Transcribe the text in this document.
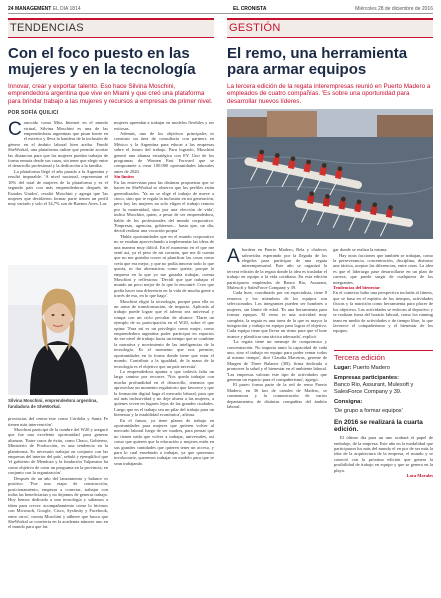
24 MANAGEMENT EL DIA 1814	EL CRONISTA	Miércoles 28 de diciembre de 2016
TENDENCIAS
Con el foco puesto en las mujeres y en la tecnología
Innovar, crear y exportar talento. Eso hace Silvina Moschini, emprendedora argentina que vive en Miami y que creó una plataforma para brindar trabajo a las mujeres y recursos a empresas de primer nivel.
POR SOFÍA QUILICI
Conocido como Miss Internet en el mundo virtual, Silvina Moschini es una de las emprendedoras argentinas que pisan fuerte en el exterior y lleva la bandera de la inclusión de género en el ámbito laboral bien arriba. Fundó SheWorkal, una plataforma online que permite acortar las distancias para que las mujeres puedan trabajar de forma remota desde sus casas, sin tener que elegir entre el desarrollo profesional y la dedicación a la familia.
La plataforma llegó el año pasado a la Argentina y resultó imparable. 'A nivel nacional, representan el 10% del total de mujeres de la plataforma y es el segundo país con más emprendedoras después de Estados Unidos', resaltó Moschini y agrega que 'las mujeres que decidieron formar parte tienen un perfil muy variado y solo el 34,7% son de Buenos Aires. Las
Silvina Moschini, emprendedora argentina, fundadora de SheWorkal.
provincias del centro-este como Córdoba y Santa Fe tienen más intervención'.
Moschini participó de la cumbre del W20 y aseguró que fue una excelente oportunidad para generar alianzas. 'Entre casos de éxito, como Chaco, Gobierno, Ministerio de Producción, es una tendencia en la plataforma. Es necesario trabajar en conjunto con las empresas del interior del país', señaló y ejemplificó que 'el gobierno de Mendoza y la fundación Valparaiso ha como objetivo de crear un programa en la provincia, en conjunto con la organización'.
Después de un año del lanzamiento y balance es positivo. 'Fue una etapa de construcción, posicionamiento, empezar a conectar, trabajar con todas las beneficiarias y no dejamos de generar trabajo. Hoy hemos dedicado a una tecnología y saltamos a ideas para crecer: acompañamiento como lo hicimos con Microsoft, Google, Cisco, Sysfinity y Facebook, entre otros', cuenta Moschini y adhiere que busca que SheWorkal se convierta en la academia número uno en el mundo para que las
mujeres aprendan a trabajar en modelos flexibles y ser exitosas.
Además, uno de los objetivos principales es construir un área de consultoría con partners en México y la Argentina para educar a las empresas sobre el futuro del trabajo. Para lograrlo, Moschini generó una alianza estratégica con EY. Uno de los programas de Women Fast Forward que se compromete a crear 100.000 oportunidades laborales antes de 2020.
Sin límites
En las entrevistas para las distintas propuestas que se hacen en SheWorkal se observa que los perfiles están generalizados. 'Ya no se elige el trabajo de nueve a cinco, sino que te regala la inclusión en mi generación, pero hoy las mujeres no solo eligen el trabajo remoto por la maternidad, sino por una elección de vida', indica Moschini, quien, a pesar de ser emprendedora, habla de los profesionales del mundo corporativo. 'Empresas, agencias, gobiernos... hasta que, un día, decidí realizar una vocación propia.'
'Habla oportunidades que en el mundo corporativo no se estaban aprovechando a implementar las ideas de una manera muy difícil. En el momento en el que me sentí así, ya el peso de mi corazón, que me di cuenta que no me gustaba correr ni planificar las cosas como creía que era mejor, y que no podía innovar todo lo que quería, ni dar alternativas como quería, porque la empresa en la que yo me gustaba trabajar, cuenta Moschini y reflexiona: 'Decidí que que trabajar el mundo un poco mejor de lo que lo encontré. Creo que podía hacer una diferencia en la vida de mucha gente a través de eso, en lo que hago'.
Moschini eligió la tecnología, porque para ella es un arma de transformación, de impacto. Aplicada al trabajo puede lograr que el talento sea universal y rompa con un ciclo peculiar de alcance. 'Darte un ejemplo de su participación en el W20, sobre el que opina: 'Para mí es un privilegio como mujer, como emprendedora argentina poder participar en espacios de ese nivel de trabajo hacia un tiempo que se combine la narrativa y movimiento de las inteligencias de la tecnología. Es el momento que nos permite, oportunidades en la forma donde tiene que estar el mundo. Contribuir a la igualdad, de la mano de la tecnología es el objetivo que un país necesita'.
La emprendedora apunta a que todavía falta un largo camino por recorrer. 'Nos queda trabajar con mucha profundidad en el desarrollo, tenemos que aprovechar un momento regulatorio que favorece y que la formación digital haga el mercado laboral, para que así más inclusividad y no deje afuera a las mujeres, a quienes viven en lugares lejos de las grandes ciudades. Luego que en el trabajo sea un pilar del trabajo para un bienestar y la estabilidad económica', afirma.
En el futuro, ya tiene planes de trabajo en oportunidades para mujeres que quieren volver al mercado laboral luego de ser madres, para pensar que no tienen nada que volver a trabajar, universales, así como que quieren que la educación o mujeres estén en sus grandes cantidades que quieren tener un acceso, y para lo cual enseñarán a trabajar, ya que queremos involucrarte, queremos trabajar un modelo para que se sean trabajando.
GESTIÓN
El remo, una herramienta para armar equipos
La tercera edición de la regata interempresas reunió en Puerto Madero a empleados de cuatro compañías. 'Es sobre una oportunidad para desarrollar nuevos líderes.
Abordear en Puerto Madero, Bela y chalecos salvavidas esperando por la llegada de los elegidos para participar de una regata interempresarial. Este año se organizó la tercera edición de la regata donde la idea es trasladar el trabajo en equipo a la vida cotidiana. En esta edición participaron empleados de Banco Rio, Assurant, Mulesoft y SalesForce Company y 39.
Cada bote, coordinado por un especialista, tiene 8 remeros y los miembros de los equipos son seleccionados. Los integrantes pueden ser hombres o mujeres, sin límite de edad. 'Es una herramienta para formar equipos. El remo es una actividad muy completa, la regata es una tarea de la que es mayor la integración y trabajo en equipo para lograr el objetivo. Cada equipo tiene que llevar un ritmo para que el bote avance y planificar una táctica adecuada', explicó.
'La regata tiene un mensaje de compromiso y concentración. No importa tanto la capacidad de cada uno, sino el trabajo en equipo para poder remar todos al mismo tiempo', dice Claudia Maceiras, gerente de Margen de Three Balance (3B), firma dedicada a promover la salud y el bienestar en el ambiente laboral. 'Las empresas valoran este tipo de actividades que generan un espacio para el compañerismo', agregó.
El paseo forma parte de la red de remo Puerto Madero, en 36 km de canales de Madero, se conmemora y la comunicación de varios departamentos de distintas compañías del ámbito laboral.
gar donde se realiza la misma.
Hay otras facciones que también se trabajan, como la perseverancia, concentración, disciplina, disfrutar una táctica, aceptar las diferencias, entre otras. La idea es que el liderazgo pase desarrollarse en un plan de carrera, que puede surgir de cualquiera de los integrantes.
Tendencias del bienestar
En el contexto hubo una perspectiva incluida al fitness, que se basa en el espíritu de los tiempos, actividades físicas y la nutrición como herramienta para placer de los objetivos. Las actividades se enfocan al deportivo y se realizan fuera del horario laboral, como los running team en medio de actividades o de tiempo libre, lo que favorece el compañerismo y el bienestar de los equipos.
Tercera edición
Lugar: Puerto Madero
Empresas participantes:
Banco Rio, Assurant, Mulesoft y SalesForce Company y 39.
Consigna:
'De grupo a formar equipos'
En 2016 se realizará la cuarta edición.
El último día para un uno acabará el papel de embalaje, de la empresa. Este año en la modalidad que participaron los más del mundo el en por de ser más la idea de la arquitectura de la empresa, el mundo y se conectó con la próxima edición que genera la posibilidad de trabajo en equipo y que se genera en la playa.
Lara Morales
